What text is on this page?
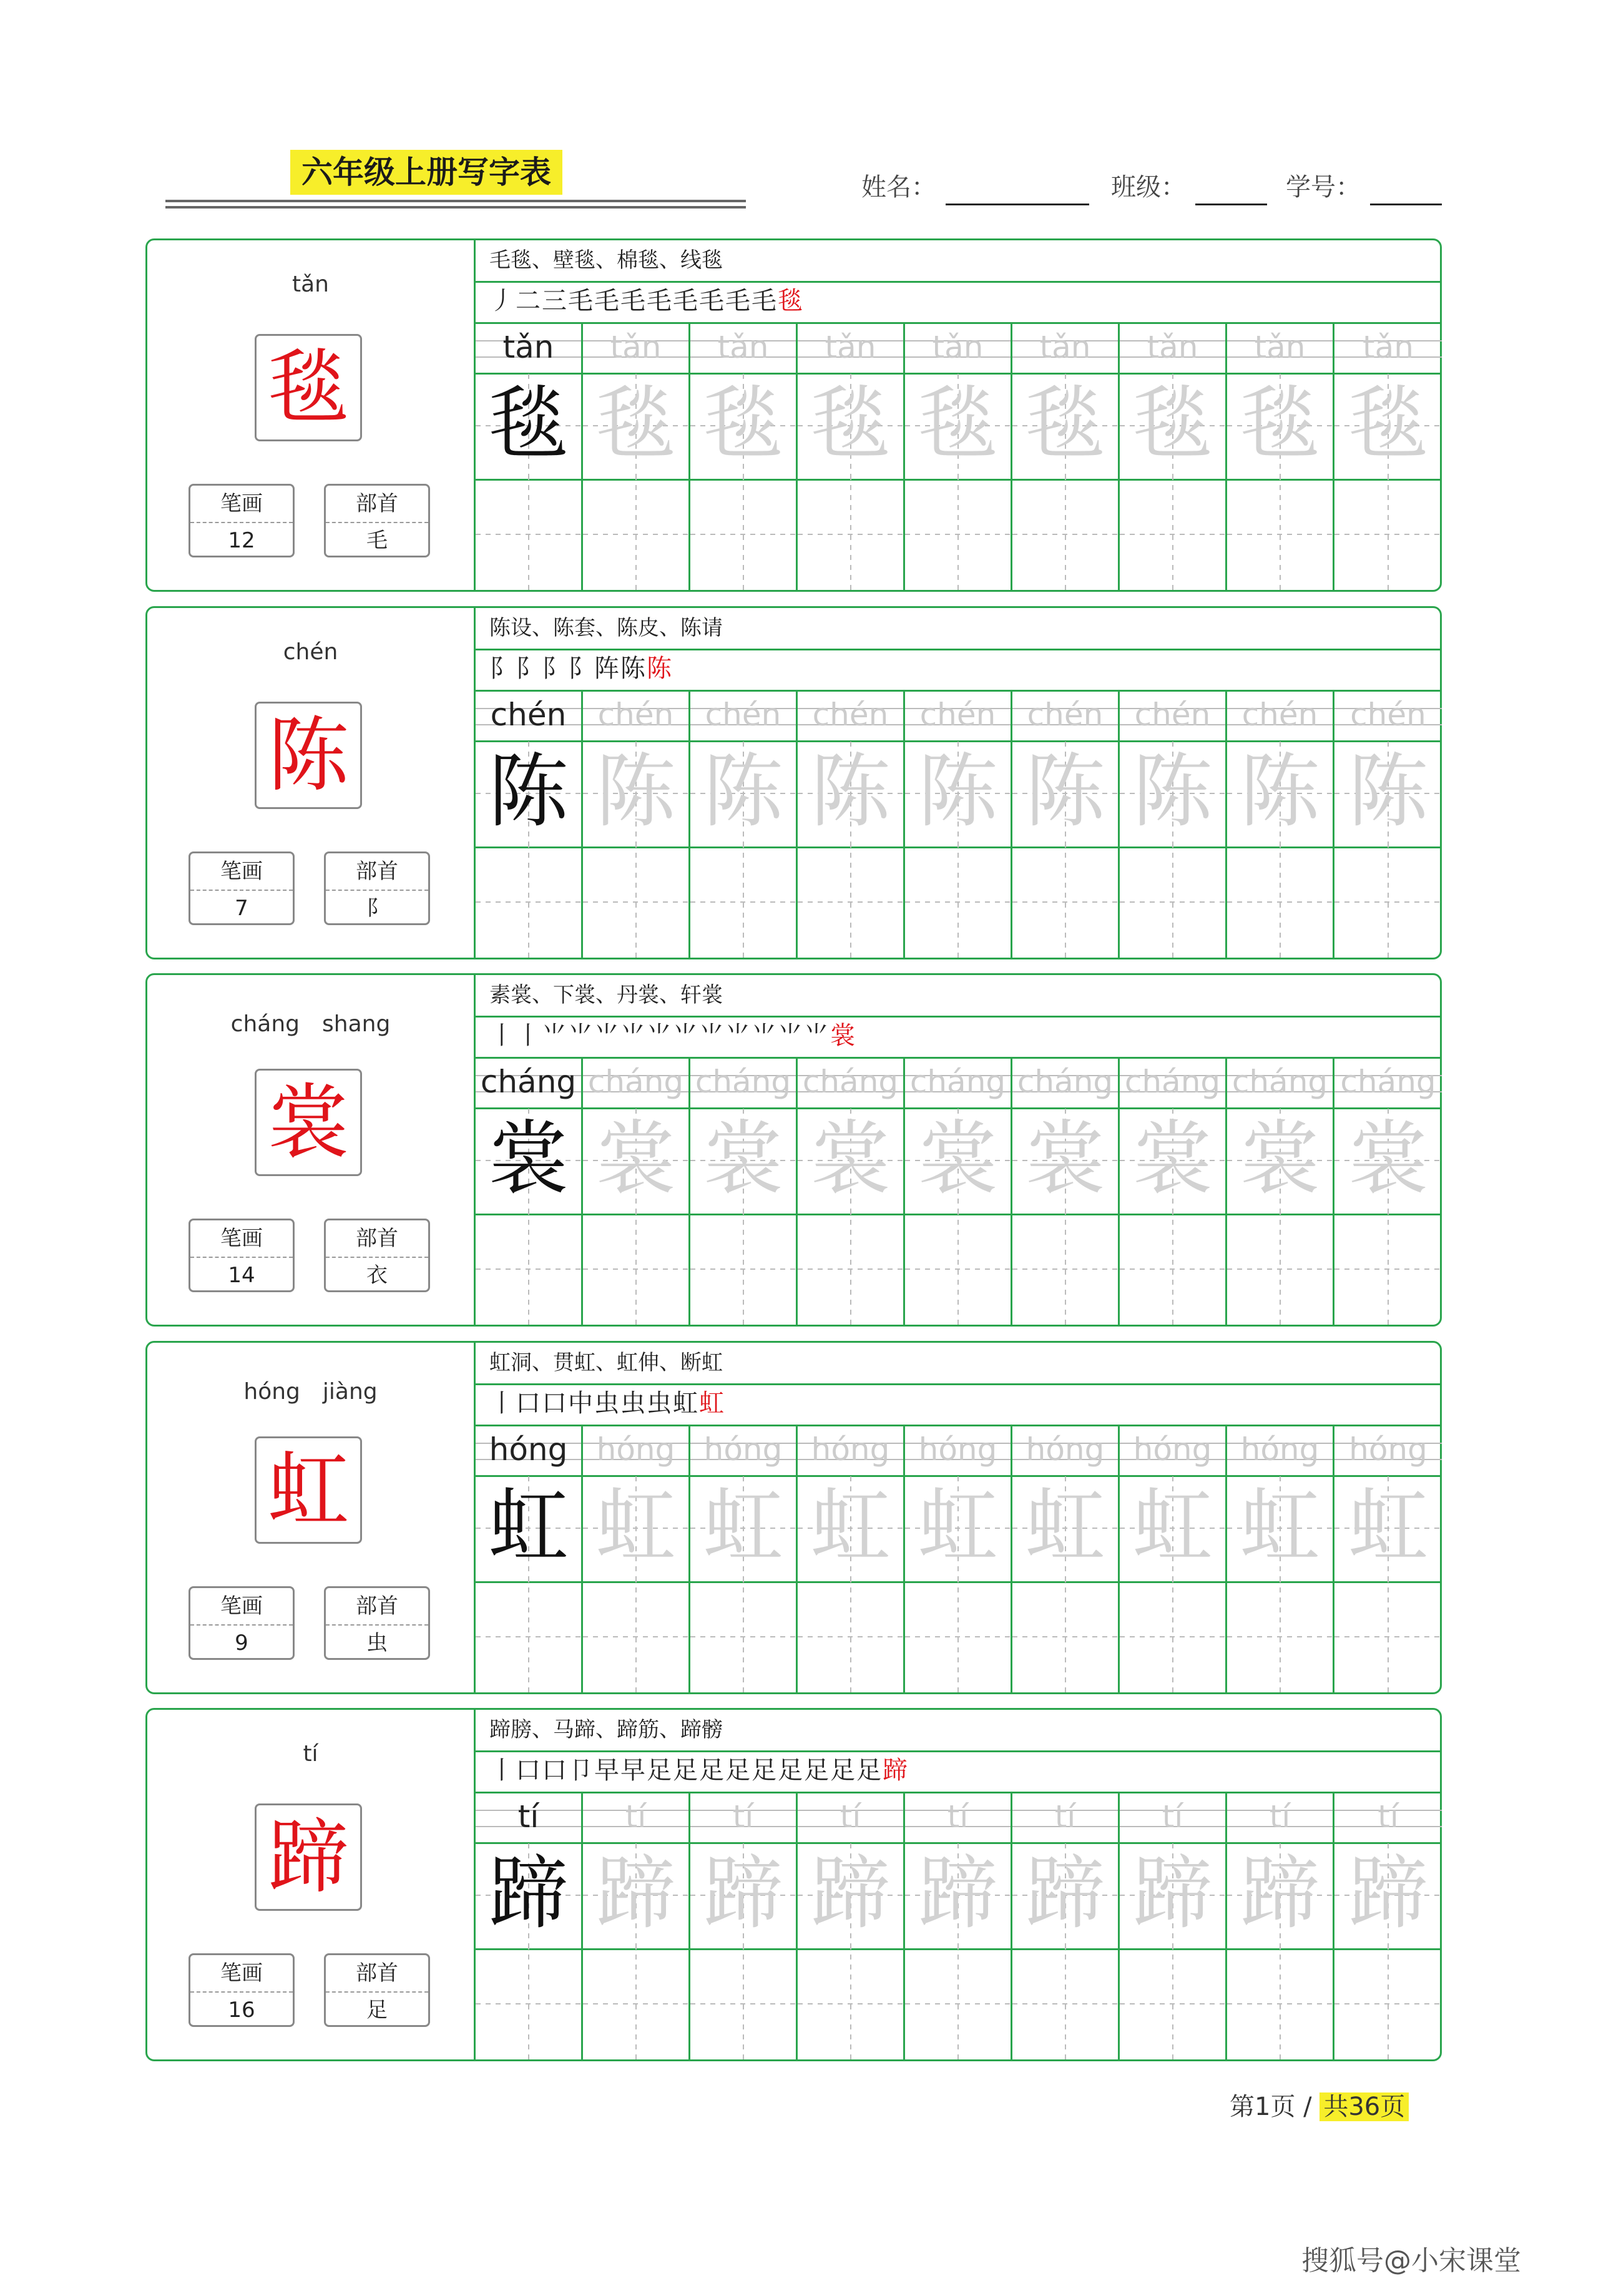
六年级上册写字表	姓名：	班级：	学号：
tǎn
毯
笔画
12
部首
毛
毛毯、壁毯、棉毯、线毯
丿二三毛毛毛毛毛毛毛毛毯
tǎn	tǎn	tǎn	tǎn	tǎn	tǎn	tǎn	tǎn	tǎn
毯 毯 毯 毯 毯 毯 毯 毯 毯
chén
陈
笔画
7
部首
阝
陈设、陈套、陈皮、陈请
阝阝阝阝阵陈陈
chén	chén	chén	chén	chén	chén	chén	chén	chén
陈 陈 陈 陈 陈 陈 陈 陈 陈
cháng　shang
裳
笔画
14
部首
衣
素裳、下裳、丹裳、轩裳
丨丨⺌⺌⺌⺌⺌⺌⺌⺌⺌⺌⺌裳
cháng cháng cháng cháng cháng cháng cháng cháng cháng
裳 裳 裳 裳 裳 裳 裳 裳 裳
hóng　jiàng
虹
笔画
9
部首
虫
虹洞、贯虹、虹伸、断虹
丨口口中虫虫虫虹虹
hóng hóng hóng hóng hóng hóng hóng hóng hóng
虹 虹 虹 虹 虹 虹 虹 虹 虹
tí
蹄
笔画
16
部首
足
蹄膀、马蹄、蹄筋、蹄髈
丨口口卩早早足足足足足足足足足蹄
tí	tí	tí	tí	tí	tí	tí	tí	tí
蹄 蹄 蹄 蹄 蹄 蹄 蹄 蹄 蹄
第1页 / 共36页
搜狐号@小宋课堂
